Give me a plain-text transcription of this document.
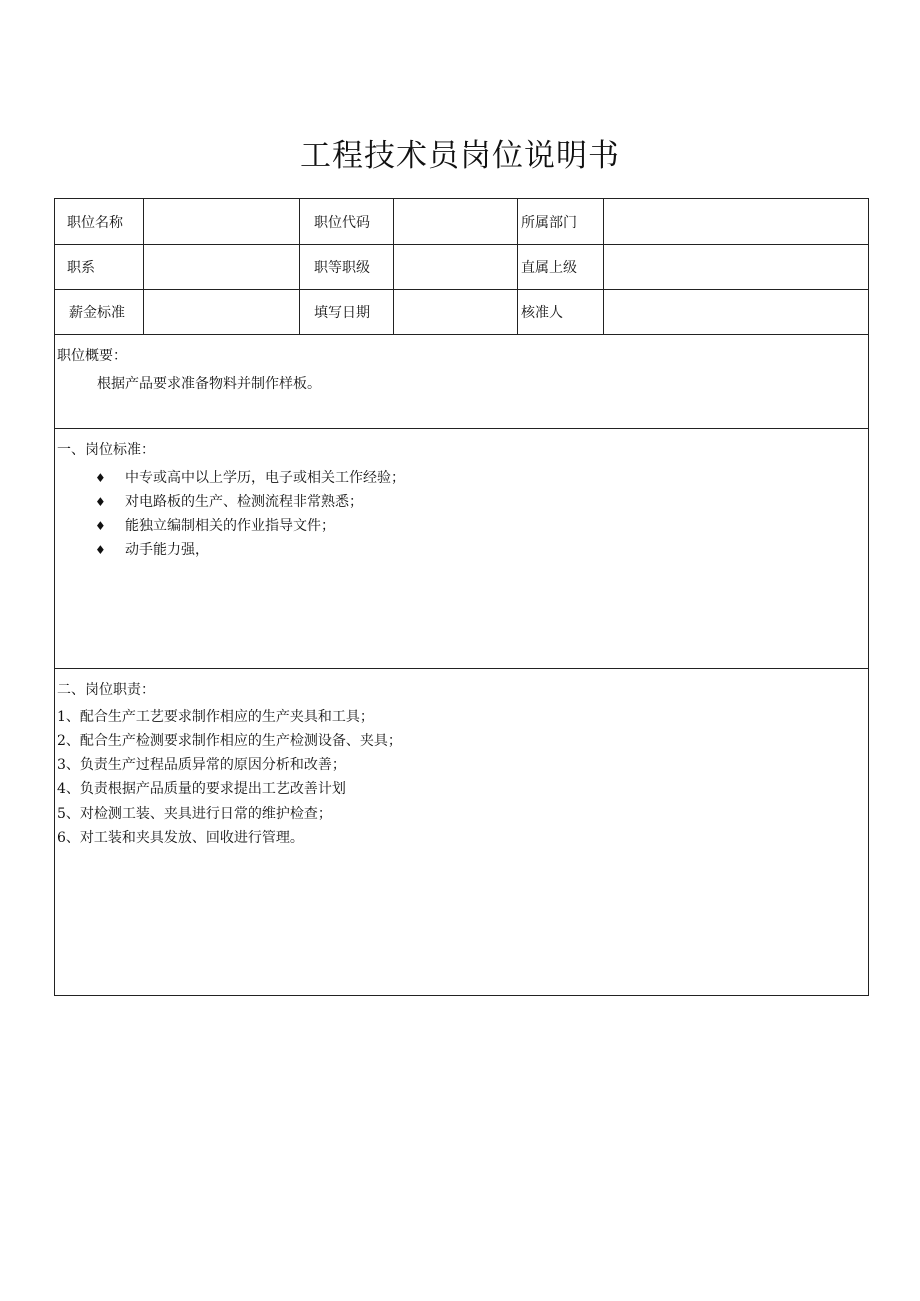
工程技术员岗位说明书
职位名称	职位代码	所属部门
职系	职等职级	直属上级
薪金标准	填写日期	核准人
职位概要：
根据产品要求准备物料并制作样板。
一、岗位标准：
♦ 中专或高中以上学历，电子或相关工作经验；
♦ 对电路板的生产、检测流程非常熟悉；
♦ 能独立编制相关的作业指导文件；
♦ 动手能力强，
二、岗位职责：
1、配合生产工艺要求制作相应的生产夹具和工具；
2、配合生产检测要求制作相应的生产检测设备、夹具；
3、负责生产过程品质异常的原因分析和改善；
4、负责根据产品质量的要求提出工艺改善计划
5、对检测工装、夹具进行日常的维护检查；
6、对工装和夹具发放、回收进行管理。
